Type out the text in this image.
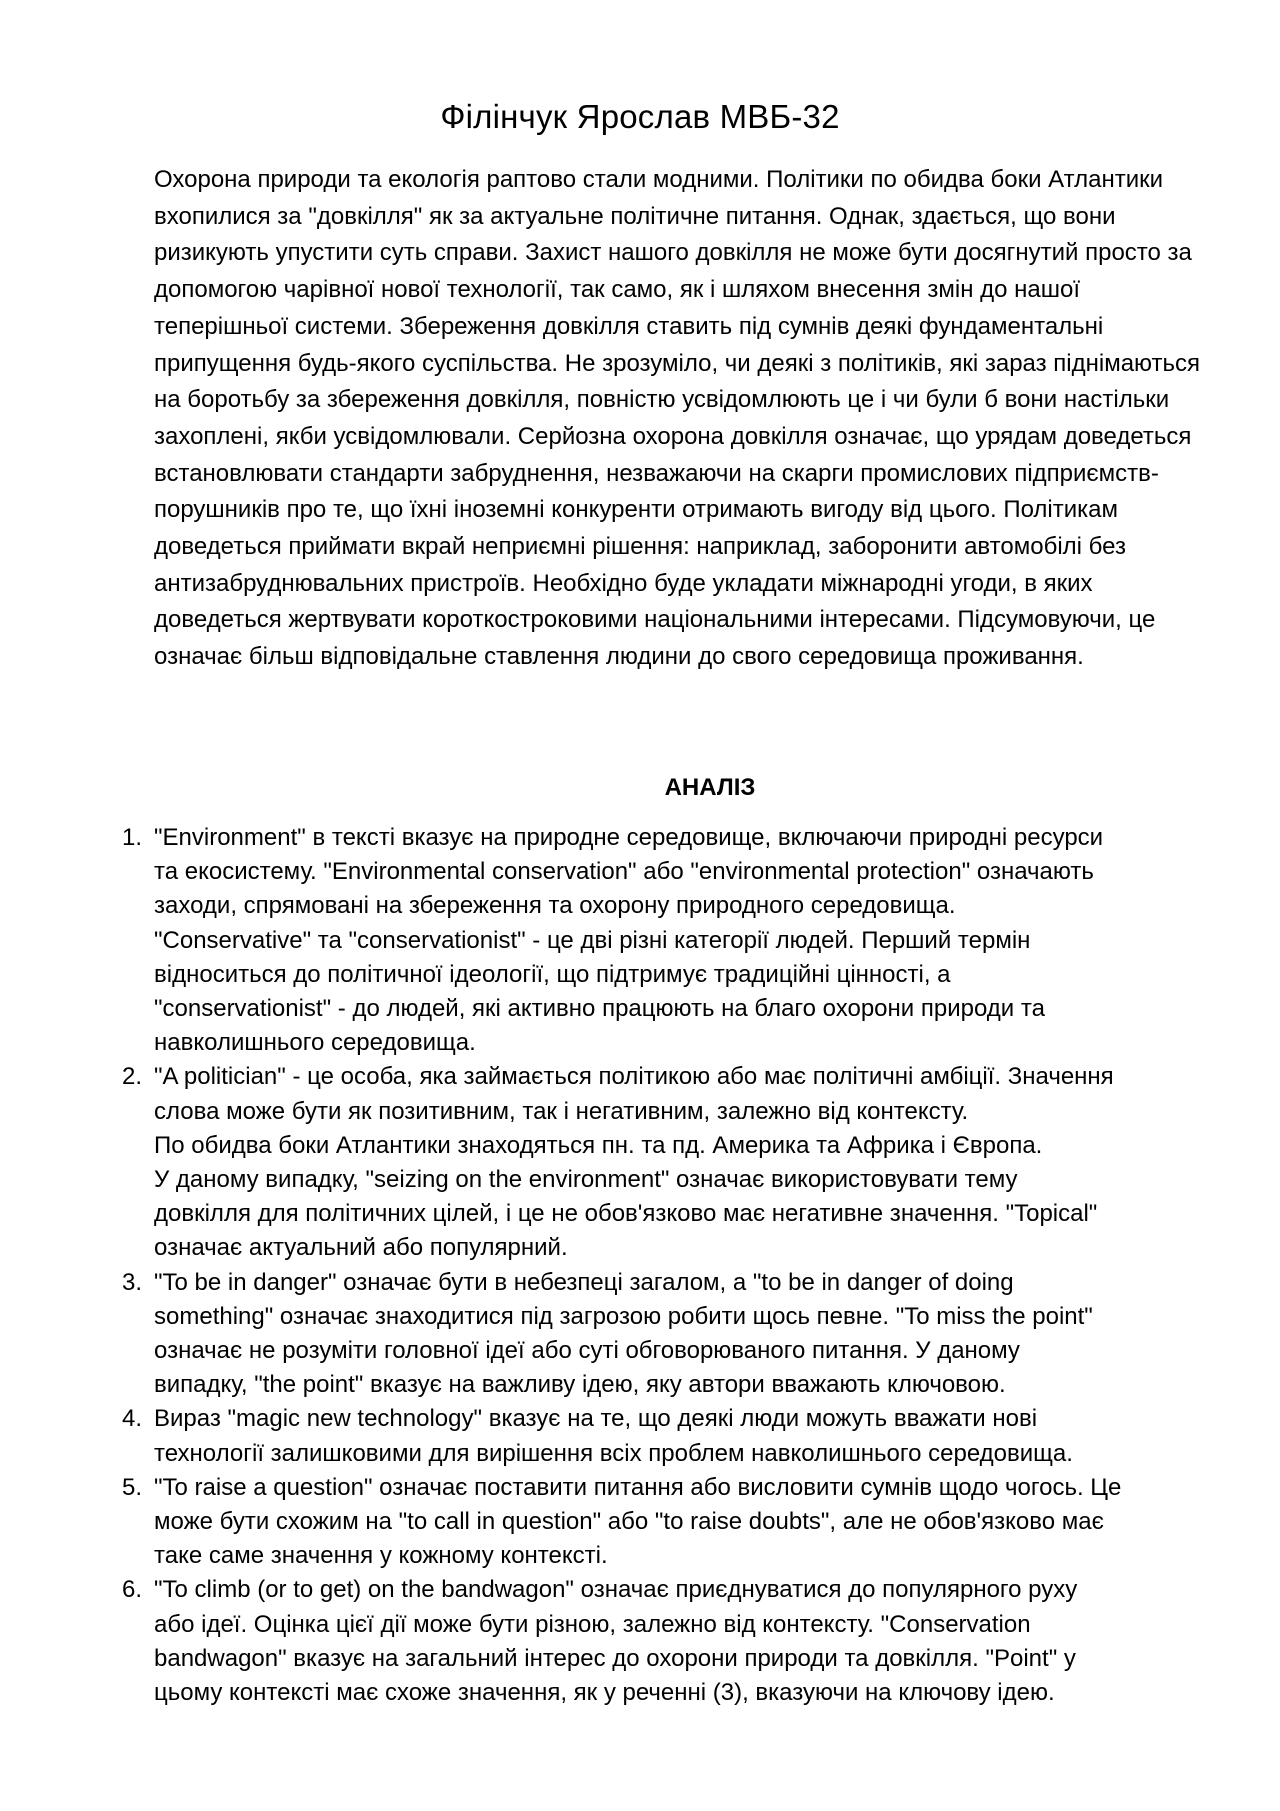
Філінчук Ярослав МВБ-32

Охорона природи та екологія раптово стали модними. Політики по обидва боки Атлантики вхопилися за "довкілля" як за актуальне політичне питання. Однак, здається, що вони ризикують упустити суть справи. Захист нашого довкілля не може бути досягнутий просто за допомогою чарівної нової технології, так само, як і шляхом внесення змін до нашої теперішньої системи. Збереження довкілля ставить під сумнів деякі фундаментальні припущення будь-якого суспільства. Не зрозуміло, чи деякі з політиків, які зараз піднімаються на боротьбу за збереження довкілля, повністю усвідомлюють це і чи були б вони настільки захоплені, якби усвідомлювали. Серйозна охорона довкілля означає, що урядам доведеться встановлювати стандарти забруднення, незважаючи на скарги промислових підприємств-порушників про те, що їхні іноземні конкуренти отримають вигоду від цього. Політикам доведеться приймати вкрай неприємні рішення: наприклад, заборонити автомобілі без антизабруднювальних пристроїв. Необхідно буде укладати міжнародні угоди, в яких доведеться жертвувати короткостроковими національними інтересами. Підсумовуючи, це означає більш відповідальне ставлення людини до свого середовища проживання.

АНАЛІЗ
1. "Environment" в тексті вказує на природне середовище, включаючи природні ресурси
та екосистему. "Environmental conservation" або "environmental protection" означають
заходи, спрямовані на збереження та охорону природного середовища.
"Conservative" та "conservationist" - це дві різні категорії людей. Перший термін
відноситься до політичної ідеології, що підтримує традиційні цінності, а
"conservationist" - до людей, які активно працюють на благо охорони природи та
навколишнього середовища.
2. "A politician" - це особа, яка займається політикою або має політичні амбіції. Значення
слова може бути як позитивним, так і негативним, залежно від контексту.
По обидва боки Атлантики знаходяться пн. та пд. Америка та Африка і Європа.
У даному випадку, "seizing on the environment" означає використовувати тему
довкілля для політичних цілей, і це не обов'язково має негативне значення. "Topical"
означає актуальний або популярний.
3. "To be in danger" означає бути в небезпеці загалом, а "to be in danger of doing
something" означає знаходитися під загрозою робити щось певне. "To miss the point"
означає не розуміти головної ідеї або суті обговорюваного питання. У даному
випадку, "the point" вказує на важливу ідею, яку автори вважають ключовою.
4. Вираз "magic new technology" вказує на те, що деякі люди можуть вважати нові
технології залишковими для вирішення всіх проблем навколишнього середовища.
5. "To raise a question" означає поставити питання або висловити сумнів щодо чогось. Це
може бути схожим на "to call in question" або "to raise doubts", але не обов'язково має
таке саме значення у кожному контексті.
6. "To climb (or to get) on the bandwagon" означає приєднуватися до популярного руху
або ідеї. Оцінка цієї дії може бути різною, залежно від контексту. "Conservation
bandwagon" вказує на загальний інтерес до охорони природи та довкілля. "Point" у
цьому контексті має схоже значення, як у реченні (3), вказуючи на ключову ідею.
